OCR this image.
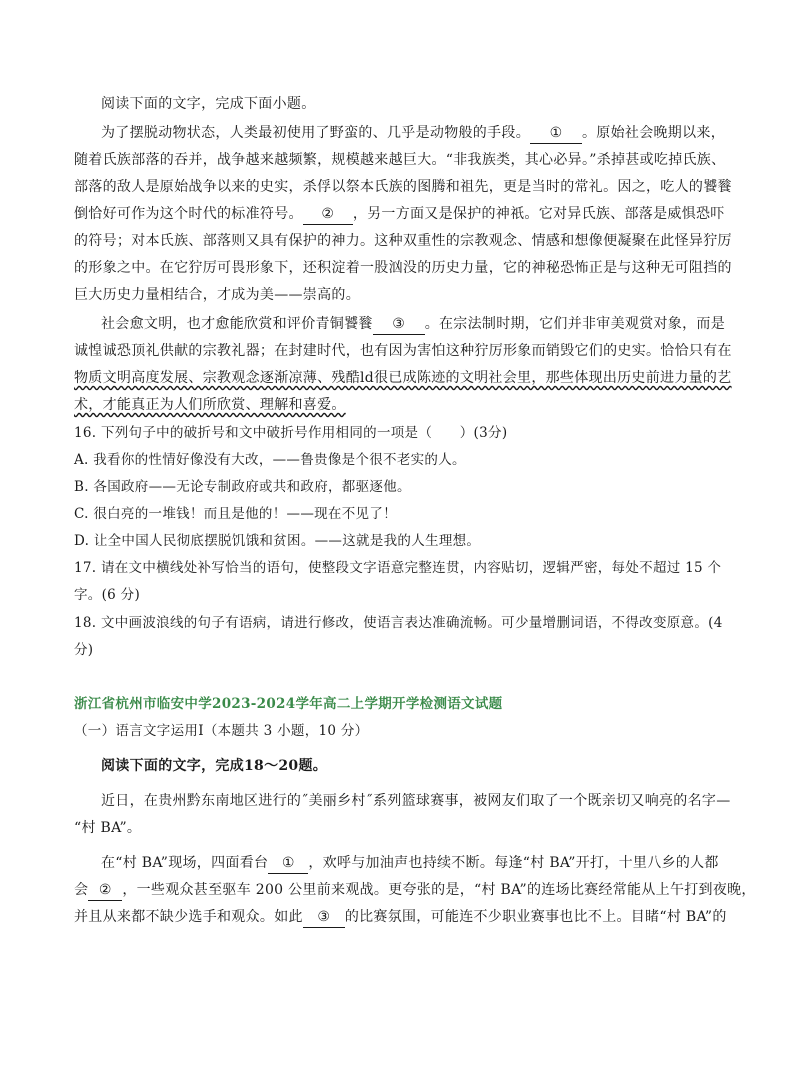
阅读下面的文字，完成下面小题。
为了摆脱动物状态，人类最初使用了野蛮的、几乎是动物般的手段。 ① 。原始社会晚期以来，
随着氏族部落的吞并，战争越来越频繁，规模越来越巨大。“非我族类，其心必异。”杀掉甚或吃掉氏族、
部落的敌人是原始战争以来的史实，杀俘以祭本氏族的图腾和祖先，更是当时的常礼。因之，吃人的饕餮
倒恰好可作为这个时代的标准符号。 ② ，另一方面又是保护的神祇。它对异氏族、部落是威惧恐吓
的符号；对本氏族、部落则又具有保护的神力。这种双重性的宗教观念、情感和想像便凝聚在此怪异狞厉
的形象之中。在它狞厉可畏形象下，还积淀着一股汹没的历史力量，它的神秘恐怖正是与这种无可阻挡的
巨大历史力量相结合，才成为美——崇高的。
社会愈文明，也才愈能欣赏和评价青铜饕餮 ③ 。在宗法制时期，它们并非审美观赏对象，而是
诚惶诚恐顶礼供献的宗教礼器；在封建时代，也有因为害怕这种狞厉形象而销毁它们的史实。恰恰只有在
物质文明高度发展、宗教观念逐渐凉薄、残酷ld很已成陈迹的文明社会里，那些体现出历史前进力量的艺
术，才能真正为人们所欣赏、理解和喜爱。
16. 下列句子中的破折号和文中破折号作用相同的一项是（　　）(3分)
A. 我看你的性情好像没有大改，——鲁贵像是个很不老实的人。
B. 各国政府——无论专制政府或共和政府，都驱逐他。
C. 很白亮的一堆钱！而且是他的！——现在不见了！
D. 让全中国人民彻底摆脱饥饿和贫困。——这就是我的人生理想。
17. 请在文中横线处补写恰当的语句，使整段文字语意完整连贯，内容贴切，逻辑严密，每处不超过 15 个
字。(6 分)
18. 文中画波浪线的句子有语病，请进行修改，使语言表达准确流畅。可少量增删词语，不得改变原意。(4
分)
浙江省杭州市临安中学2023-2024学年高二上学期开学检测语文试题
（一）语言文字运用Ⅰ（本题共 3 小题，10 分）
阅读下面的文字，完成18～20题。
近日，在贵州黔东南地区进行的˝美丽乡村˝系列篮球赛事，被网友们取了一个既亲切又响亮的名字—
“村 BA”。
在“村 BA”现场，四面看台 ① ，欢呼与加油声也持续不断。每逢“村 BA”开打，十里八乡的人都
会 ② ，一些观众甚至驱车 200 公里前来观战。更夸张的是，“村 BA”的连场比赛经常能从上午打到夜晚，
并且从来都不缺少选手和观众。如此 ③ 的比赛氛围，可能连不少职业赛事也比不上。目睹“村 BA”的
